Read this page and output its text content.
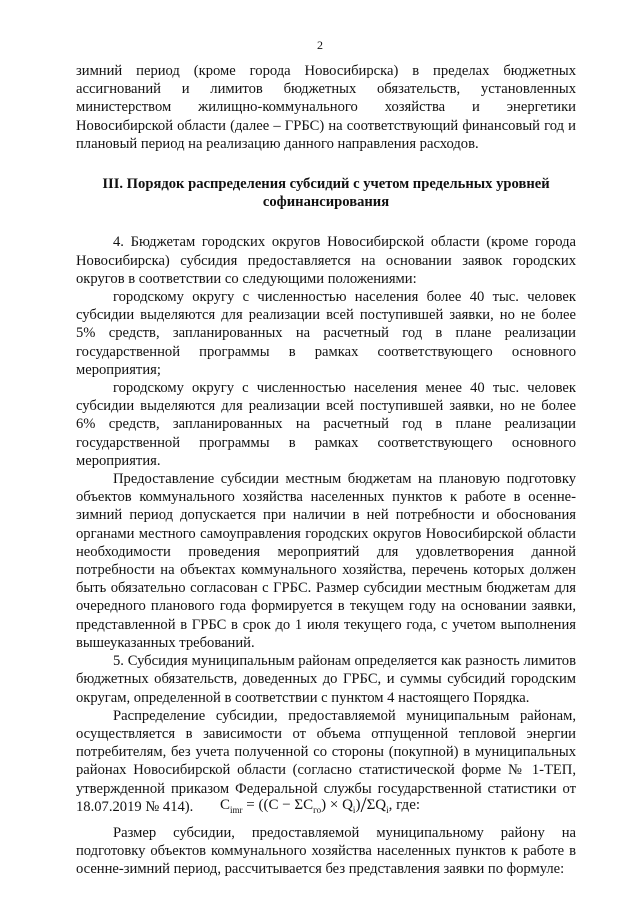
2

зимний период (кроме города Новосибирска) в пределах бюджетных ассигнований и лимитов бюджетных обязательств, установленных министерством жилищно-коммунального хозяйства и энергетики Новосибирской области (далее – ГРБС) на соответствующий финансовый год и плановый период на реализацию данного направления расходов.

III. Порядок распределения субсидий с учетом предельных уровней софинансирования

4. Бюджетам городских округов Новосибирской области (кроме города Новосибирска) субсидия предоставляется на основании заявок городских округов в соответствии со следующими положениями:

городскому округу с численностью населения более 40 тыс. человек субсидии выделяются для реализации всей поступившей заявки, но не более 5% средств, запланированных на расчетный год в плане реализации государственной программы в рамках соответствующего основного мероприятия;

городскому округу с численностью населения менее 40 тыс. человек субсидии выделяются для реализации всей поступившей заявки, но не более 6% средств, запланированных на расчетный год в плане реализации государственной программы в рамках соответствующего основного мероприятия.

Предоставление субсидии местным бюджетам на плановую подготовку объектов коммунального хозяйства населенных пунктов к работе в осенне-зимний период допускается при наличии в ней потребности и обоснования органами местного самоуправления городских округов Новосибирской области необходимости проведения мероприятий для удовлетворения данной потребности на объектах коммунального хозяйства, перечень которых должен быть обязательно согласован с ГРБС. Размер субсидии местным бюджетам для очередного планового года формируется в текущем году на основании заявки, представленной в ГРБС в срок до 1 июля текущего года, с учетом выполнения вышеуказанных требований.

5. Субсидия муниципальным районам определяется как разность лимитов бюджетных обязательств, доведенных до ГРБС, и суммы субсидий городским округам, определенной в соответствии с пунктом 4 настоящего Порядка.

Распределение субсидии, предоставляемой муниципальным районам, осуществляется в зависимости от объема отпущенной тепловой энергии потребителям, без учета полученной со стороны (покупной) в муниципальных районах Новосибирской области (согласно статистической форме № 1-ТЕП, утвержденной приказом Федеральной службы государственной статистики от 18.07.2019 № 414).

Размер субсидии, предоставляемой муниципальному району на подготовку объектов коммунального хозяйства населенных пунктов к работе в осенне-зимний период, рассчитывается без представления заявки по формуле:

$C_{imr} = ((C - \Sigma C_{го}) \times Q_i)/\Sigma Q_i$, где:
